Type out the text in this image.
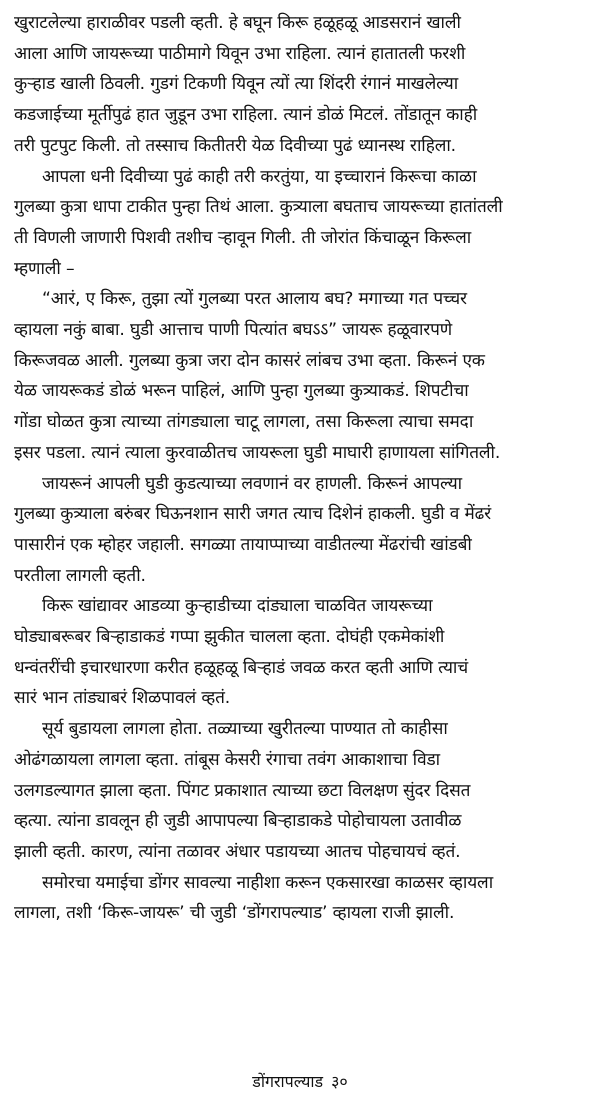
खुराटलेल्या हाराळीवर पडली व्हती. हे बघून किरू हळूहळू आडसरानं खाली
आला आणि जायरूच्या पाठीमागे यिवून उभा राहिला. त्यानं हातातली फरशी
कुऱ्हाड खाली ठिवली. गुडगं टिकणी यिवून त्यों त्या शिंदरी रंगानं माखलेल्या
कडजाईच्या मूर्तीपुढं हात जुडून उभा राहिला. त्यानं डोळं मिटलं. तोंडातून काही
तरी पुटपुट किली. तो तस्साच कितीतरी येळ दिवीच्या पुढं ध्यानस्थ राहिला.
आपला धनी दिवीच्या पुढं काही तरी करतुंया, या इच्चारानं किरूचा काळा
गुलब्या कुत्रा धापा टाकीत पुन्हा तिथं आला. कुत्र्याला बघताच जायरूच्या हातांतली
ती विणली जाणारी पिशवी तशीच ऱ्हावून गिली. ती जोरांत किंचाळून किरूला
म्हणाली –
“आरं, ए किरू, तुझा त्यों गुलब्या परत आलाय बघ? मगाच्या गत पच्चर
व्हायला नकुं बाबा. घुडी आत्ताच पाणी पित्यांत बघऽऽ” जायरू हळूवारपणे
किरूजवळ आली. गुलब्या कुत्रा जरा दोन कासरं लांबच उभा व्हता. किरूनं एक
येळ जायरूकडं डोळं भरून पाहिलं, आणि पुन्हा गुलब्या कुत्र्याकडं. शिपटीचा
गोंडा घोळत कुत्रा त्याच्या तांगड्याला चाटू लागला, तसा किरूला त्याचा समदा
इसर पडला. त्यानं त्याला कुरवाळीतच जायरूला घुडी माघारी हाणायला सांगितली.
जायरूनं आपली घुडी कुडत्याच्या लवणानं वर हाणली. किरूनं आपल्या
गुलब्या कुत्र्याला बरुंबर घिऊनशान सारी जगत त्याच दिशेनं हाकली. घुडी व मेंढरं
पासारीनं एक म्होहर जहाली. सगळ्या तायाप्पाच्या वाडीतल्या मेंढरांची खांडबी
परतीला लागली व्हती.
किरू खांद्यावर आडव्या कुऱ्हाडीच्या दांड्याला चाळवित जायरूच्या
घोड्याबरूबर बिऱ्हाडाकडं गप्पा झुकीत चालला व्हता. दोघंही एकमेकांशी
धन्वंतरींची इचारधारणा करीत हळूहळू बिऱ्हाडं जवळ करत व्हती आणि त्याचं
सारं भान तांड्याबरं शिळपावलं व्हतं.
सूर्य बुडायला लागला होता. तळ्याच्या खुरीतल्या पाण्यात तो काहीसा
ओढंगळायला लागला व्हता. तांबूस केसरी रंगाचा तवंग आकाशाचा विडा
उलगडल्यागत झाला व्हता. पिंगट प्रकाशात त्याच्या छटा विलक्षण सुंदर दिसत
व्हत्या. त्यांना डावलून ही जुडी आपापल्या बिऱ्हाडाकडे पोहोचायला उतावीळ
झाली व्हती. कारण, त्यांना तळावर अंधार पडायच्या आतच पोहचायचं व्हतं.
समोरचा यमाईचा डोंगर सावल्या नाहीशा करून एकसारखा काळसर व्हायला
लागला, तशी ‘किरू-जायरू’ ची जुडी ‘डोंगरापल्याड’ व्हायला राजी झाली.
डोंगरापल्याड ३०
